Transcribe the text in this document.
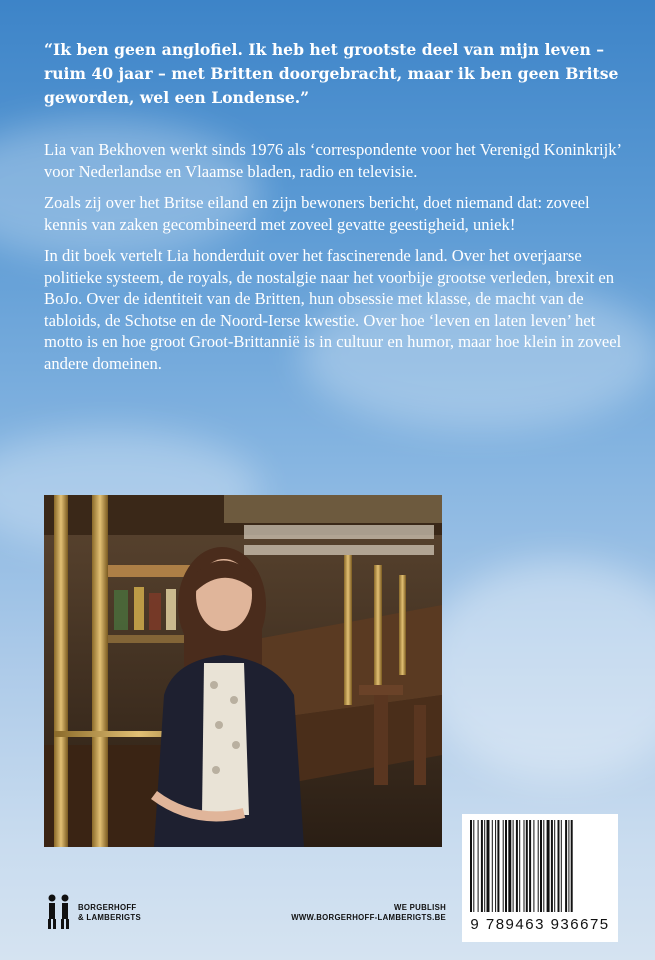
“Ik ben geen anglofiel. Ik heb het grootste deel van mijn leven – ruim 40 jaar – met Britten doorgebracht, maar ik ben geen Britse geworden, wel een Londense.”

Lia van Bekhoven werkt sinds 1976 als ‘correspondente voor het Verenigd Koninkrijk’ voor Nederlandse en Vlaamse bladen, radio en televisie.

Zoals zij over het Britse eiland en zijn bewoners bericht, doet niemand dat: zoveel kennis van zaken gecombineerd met zoveel gevatte geestigheid, uniek!

In dit boek vertelt Lia honderduit over het fascinerende land. Over het overjaarse politieke systeem, de royals, de nostalgie naar het voorbije grootse verleden, brexit en BoJo. Over de identiteit van de Britten, hun obsessie met klasse, de macht van de tabloids, de Schotse en de Noord-Ierse kwestie. Over hoe ‘leven en laten leven’ het motto is en hoe groot Groot-Brittannië is in cultuur en humor, maar hoe klein in zoveel andere domeinen.

9 789463 936675
BORGERHOFF
& LAMBERIGTS
WE PUBLISH
WWW.BORGERHOFF-LAMBERIGTS.BE
